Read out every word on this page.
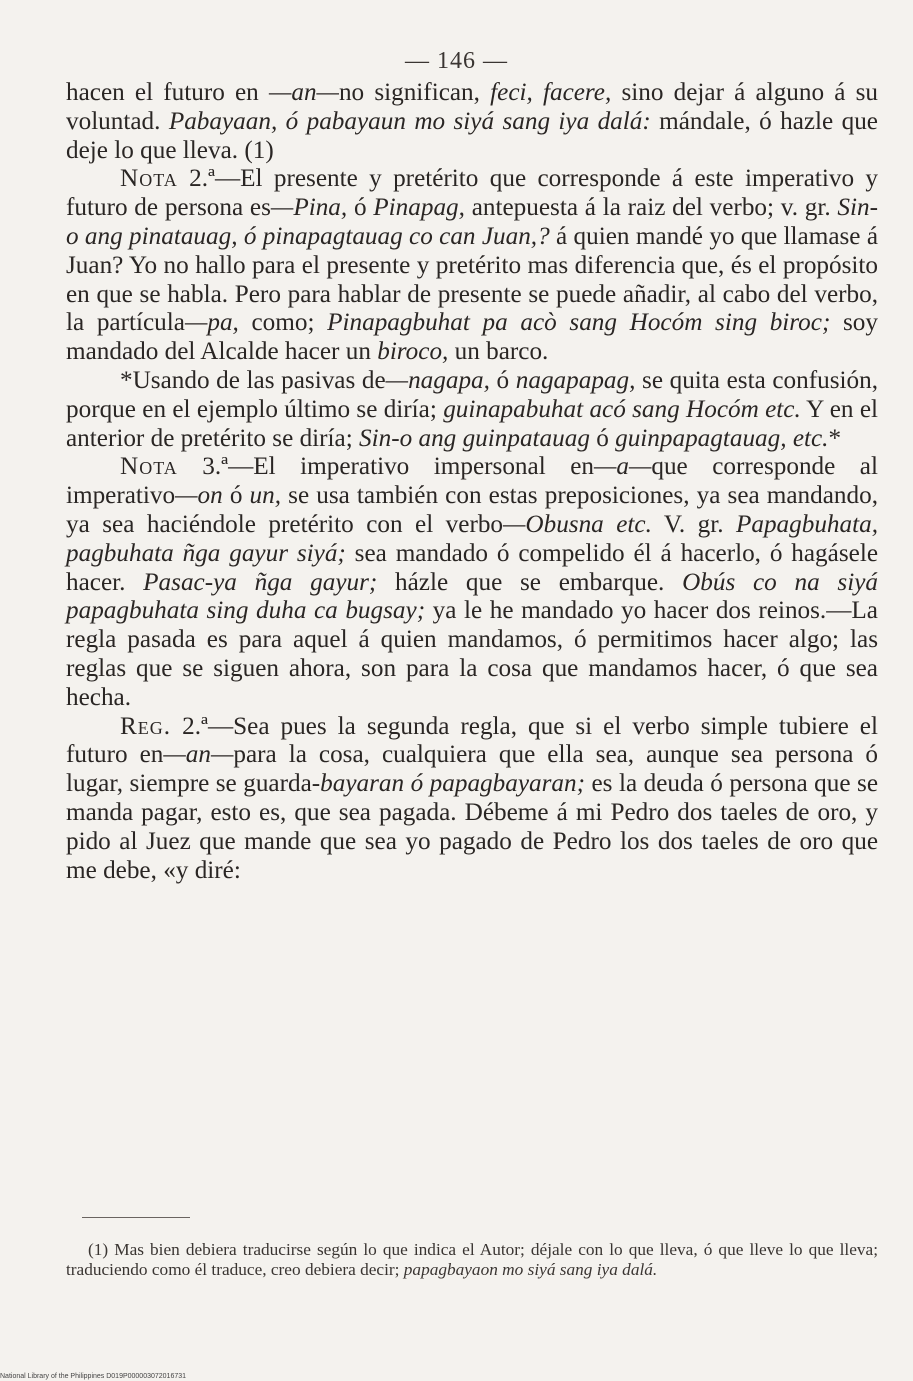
— 146 —

hacen el futuro en —an—no significan, feci, facere, sino dejar á alguno á su voluntad. Pabayaan, ó pabayaun mo siyá sang iya dalá: mándale, ó hazle que deje lo que lleva. (1)

Nota 2.ª—El presente y pretérito que corresponde á este imperativo y futuro de persona es—Pina, ó Pinapag, antepuesta á la raiz del verbo; v. gr. Sin-o ang pinatauag, ó pinapagtauag co can Juan,? á quien mandé yo que llamase á Juan? Yo no hallo para el presente y pretérito mas diferencia que, és el propósito en que se habla. Pero para hablar de presente se puede añadir, al cabo del verbo, la partícula—pa, como; Pinapagbuhat pa acò sang Hocóm sing biroc; soy mandado del Alcalde hacer un biroco, un barco.

*Usando de las pasivas de—nagapa, ó nagapapag, se quita esta confusión, porque en el ejemplo último se diría; guinapabuhat acó sang Hocóm etc. Y en el anterior de pretérito se diría; Sin-o ang guinpatauag ó guinpapagtauag, etc.*

Nota 3.ª—El imperativo impersonal en—a—que corresponde al imperativo—on ó un, se usa también con estas preposiciones, ya sea mandando, ya sea haciéndole pretérito con el verbo—Obusna etc. V. gr. Papagbuhata, pagbuhata ñga gayur siyá; sea mandado ó compelido él á hacerlo, ó hagásele hacer. Pasac-ya ñga gayur; házle que se embarque. Obús co na siyá papagbuhata sing duha ca bugsay; ya le he mandado yo hacer dos reinos.—La regla pasada es para aquel á quien mandamos, ó permitimos hacer algo; las reglas que se siguen ahora, son para la cosa que mandamos hacer, ó que sea hecha.

Reg. 2.ª—Sea pues la segunda regla, que si el verbo simple tubiere el futuro en—an—para la cosa, cualquiera que ella sea, aunque sea persona ó lugar, siempre se guarda-bayaran ó papagbayaran; es la deuda ó persona que se manda pagar, esto es, que sea pagada. Débeme á mi Pedro dos taeles de oro, y pido al Juez que mande que sea yo pagado de Pedro los dos taeles de oro que me debe, «y diré:

(1) Mas bien debiera traducirse según lo que indica el Autor; déjale con lo que lleva, ó que lleve lo que lleva; traduciendo como él traduce, creo debiera decir; papagbayaon mo siyá sang iya dalá.

National Library of the Philippines D019P000003072016731
